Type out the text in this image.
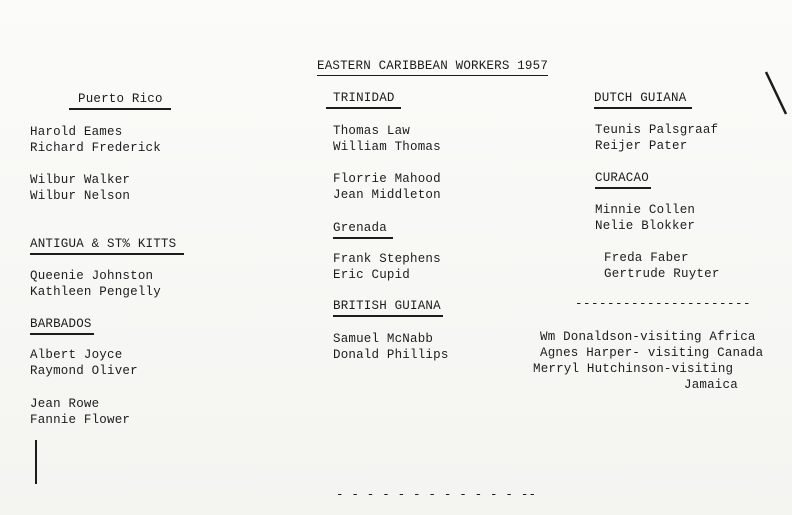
EASTERN CARIBBEAN WORKERS 1957
Puerto Rico
Harold Eames
Richard Frederick
Wilbur Walker
Wilbur Nelson
ANTIGUA & ST% KITTS
Queenie Johnston
Kathleen Pengelly
BARBADOS
Albert Joyce
Raymond Oliver
Jean Rowe
Fannie Flower
TRINIDAD
Thomas Law
William Thomas
Florrie Mahood
Jean Middleton
Grenada
Frank Stephens
Eric Cupid
BRITISH GUIANA
Samuel McNabb
Donald Phillips
DUTCH GUIANA
Teunis Palsgraaf
Reijer Pater
CURACAO
Minnie Collen
Nelie Blokker
Freda Faber
Gertrude Ruyter
----------------------
Wm Donaldson-visiting Africa
Agnes Harper- visiting Canada
Merryl Hutchinson-visiting
Jamaica
- - - - - - - - - - - - --
